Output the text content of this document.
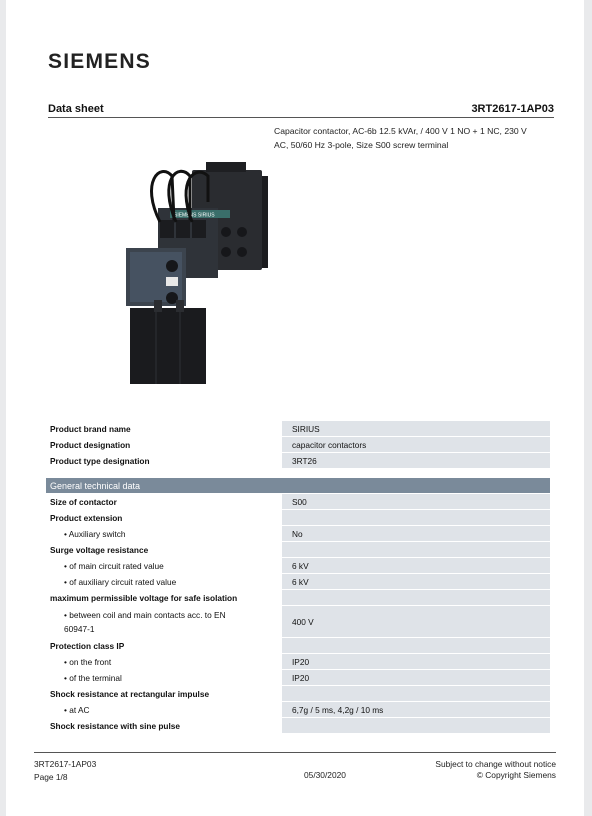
SIEMENS
Data sheet	3RT2617-1AP03
Capacitor contactor, AC-6b 12.5 kVAr, / 400 V 1 NO + 1 NC, 230 V
AC, 50/60 Hz 3-pole, Size S00 screw terminal
SIEMENS SIRIUS
Product brand name	SIRIUS
Product designation	capacitor contactors
Product type designation	3RT26

General technical data	
Size of contactor	S00
Product extension	
• Auxiliary switch	No
Surge voltage resistance	
• of main circuit rated value	6 kV
• of auxiliary circuit rated value	6 kV
maximum permissible voltage for safe isolation	
• between coil and main contacts acc. to EN
60947-1	400 V
Protection class IP	
• on the front	IP20
• of the terminal	IP20
Shock resistance at rectangular impulse	
• at AC	6,7g / 5 ms, 4,2g / 10 ms
Shock resistance with sine pulse	
3RT2617-1AP03
Page 1/8	05/30/2020
Subject to change without notice
© Copyright Siemens
